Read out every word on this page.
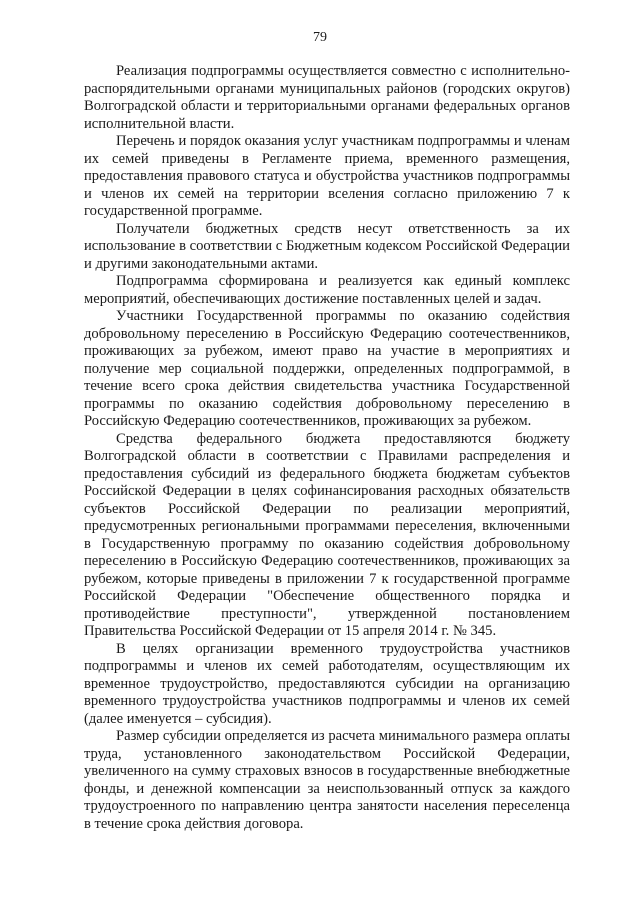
79

Реализация подпрограммы осуществляется совместно с исполнительно-распорядительными органами муниципальных районов (городских округов) Волгоградской области и территориальными органами федеральных органов исполнительной власти.

Перечень и порядок оказания услуг участникам подпрограммы и членам их семей приведены в Регламенте приема, временного размещения, предоставления правового статуса и обустройства участников подпрограммы и членов их семей на территории вселения согласно приложению 7 к государственной программе.

Получатели бюджетных средств несут ответственность за их использование в соответствии с Бюджетным кодексом Российской Федерации и другими законодательными актами.

Подпрограмма сформирована и реализуется как единый комплекс мероприятий, обеспечивающих достижение поставленных целей и задач.

Участники Государственной программы по оказанию содействия добровольному переселению в Российскую Федерацию соотечественников, проживающих за рубежом, имеют право на участие в мероприятиях и получение мер социальной поддержки, определенных подпрограммой, в течение всего срока действия свидетельства участника Государственной программы по оказанию содействия добровольному переселению в Российскую Федерацию соотечественников, проживающих за рубежом.

Средства федерального бюджета предоставляются бюджету Волгоградской области в соответствии с Правилами распределения и предоставления субсидий из федерального бюджета бюджетам субъектов Российской Федерации в целях софинансирования расходных обязательств субъектов Российской Федерации по реализации мероприятий, предусмотренных региональными программами переселения, включенными в Государственную программу по оказанию содействия добровольному переселению в Российскую Федерацию соотечественников, проживающих за рубежом, которые приведены в приложении 7 к государственной программе Российской Федерации "Обеспечение общественного порядка и противодействие преступности", утвержденной постановлением Правительства Российской Федерации от 15 апреля 2014 г. № 345.

В целях организации временного трудоустройства участников подпрограммы и членов их семей работодателям, осуществляющим их временное трудоустройство, предоставляются субсидии на организацию временного трудоустройства участников подпрограммы и членов их семей (далее именуется – субсидия).

Размер субсидии определяется из расчета минимального размера оплаты труда, установленного законодательством Российской Федерации, увеличенного на сумму страховых взносов в государственные внебюджетные фонды, и денежной компенсации за неиспользованный отпуск за каждого трудоустроенного по направлению центра занятости населения переселенца в течение срока действия договора.
